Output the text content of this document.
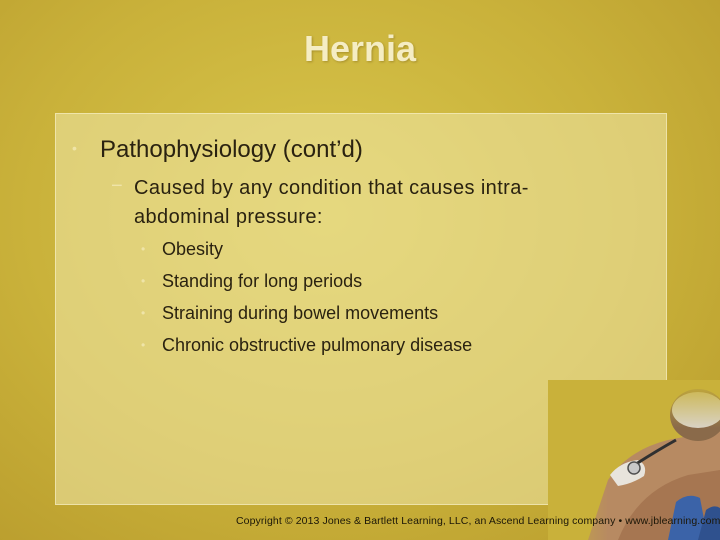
Hernia
• Pathophysiology (cont’d)
− Caused by any condition that causes intra-abdominal pressure:
• Obesity
• Standing for long periods
• Straining during bowel movements
• Chronic obstructive pulmonary disease
Copyright © 2013 Jones & Bartlett Learning, LLC, an Ascend Learning company • www.jblearning.com
